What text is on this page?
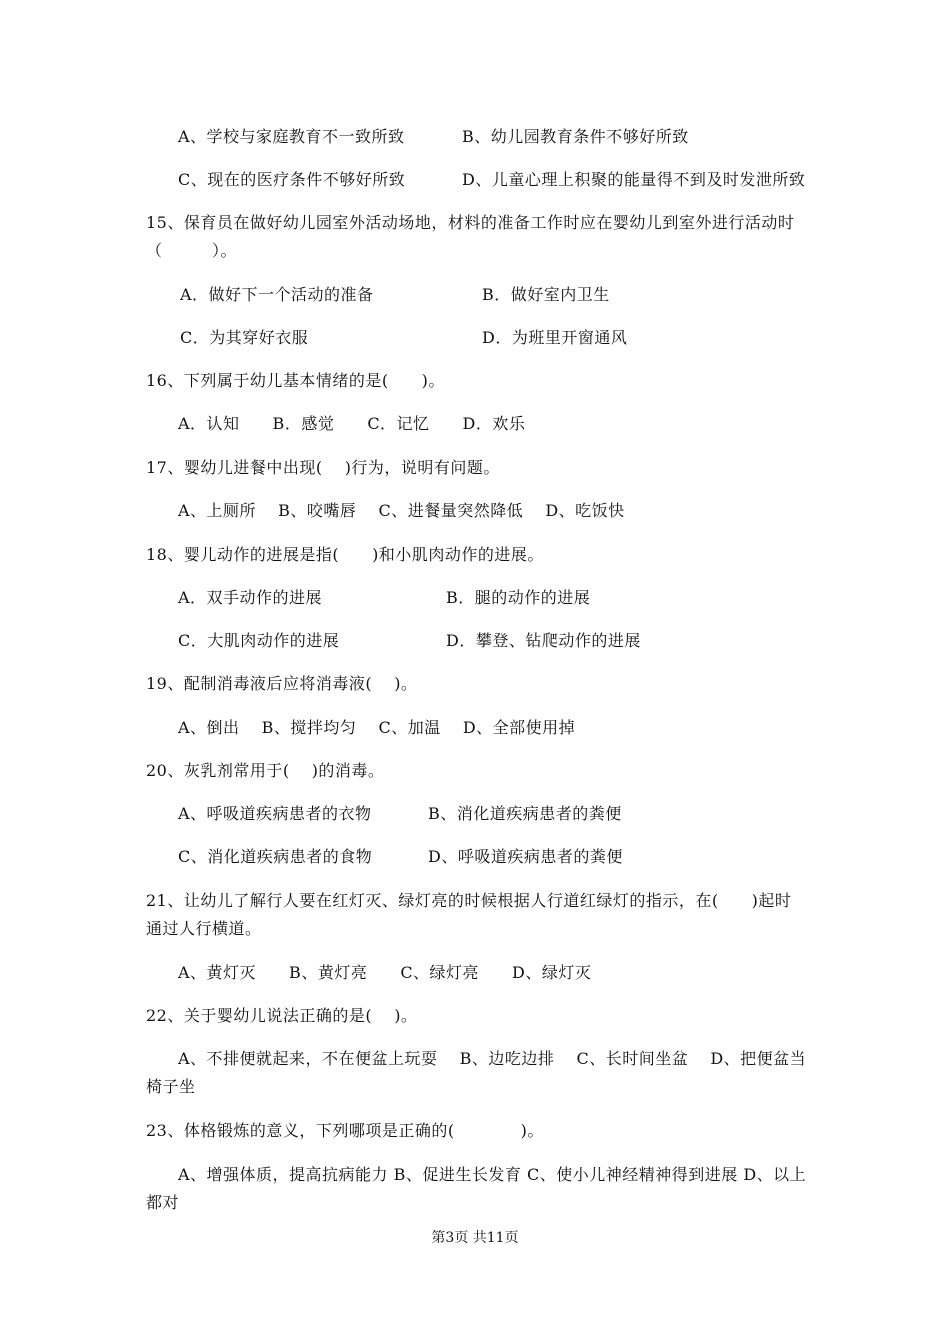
A、学校与家庭教育不一致所致	B、幼儿园教育条件不够好所致
C、现在的医疗条件不够好所致	D、儿童心理上积聚的能量得不到及时发泄所致
15、保育员在做好幼儿园室外活动场地，材料的准备工作时应在婴幼儿到室外进行活动时
（　　　）。
A．做好下一个活动的准备	B．做好室内卫生
C．为其穿好衣服	D．为班里开窗通风
16、下列属于幼儿基本情绪的是(　　)。
A．认知　　B．感觉　　C．记忆　　D．欢乐
17、婴幼儿进餐中出现(　 )行为，说明有问题。
A、上厕所　 B、咬嘴唇　 C、进餐量突然降低　 D、吃饭快
18、婴儿动作的进展是指(　　)和小肌肉动作的进展。
A．双手动作的进展	B．腿的动作的进展
C．大肌肉动作的进展	D．攀登、钻爬动作的进展
19、配制消毒液后应将消毒液(　 )。
A、倒出　 B、搅拌均匀　 C、加温　 D、全部使用掉
20、灰乳剂常用于(　 )的消毒。
A、呼吸道疾病患者的衣物	B、消化道疾病患者的粪便
C、消化道疾病患者的食物	D、呼吸道疾病患者的粪便
21、让幼儿了解行人要在红灯灭、绿灯亮的时候根据人行道红绿灯的指示，在(　　)起时
通过人行横道。
A、黄灯灭　　B、黄灯亮　　C、绿灯亮　　D、绿灯灭
22、关于婴幼儿说法正确的是(　 )。
A、不排便就起来，不在便盆上玩耍　 B、边吃边排　 C、长时间坐盆　 D、把便盆当
椅子坐
23、体格锻炼的意义，下列哪项是正确的(　　　　)。
A、增强体质，提高抗病能力 B、促进生长发育 C、使小儿神经精神得到进展 D、以上
都对
第3页 共11页
